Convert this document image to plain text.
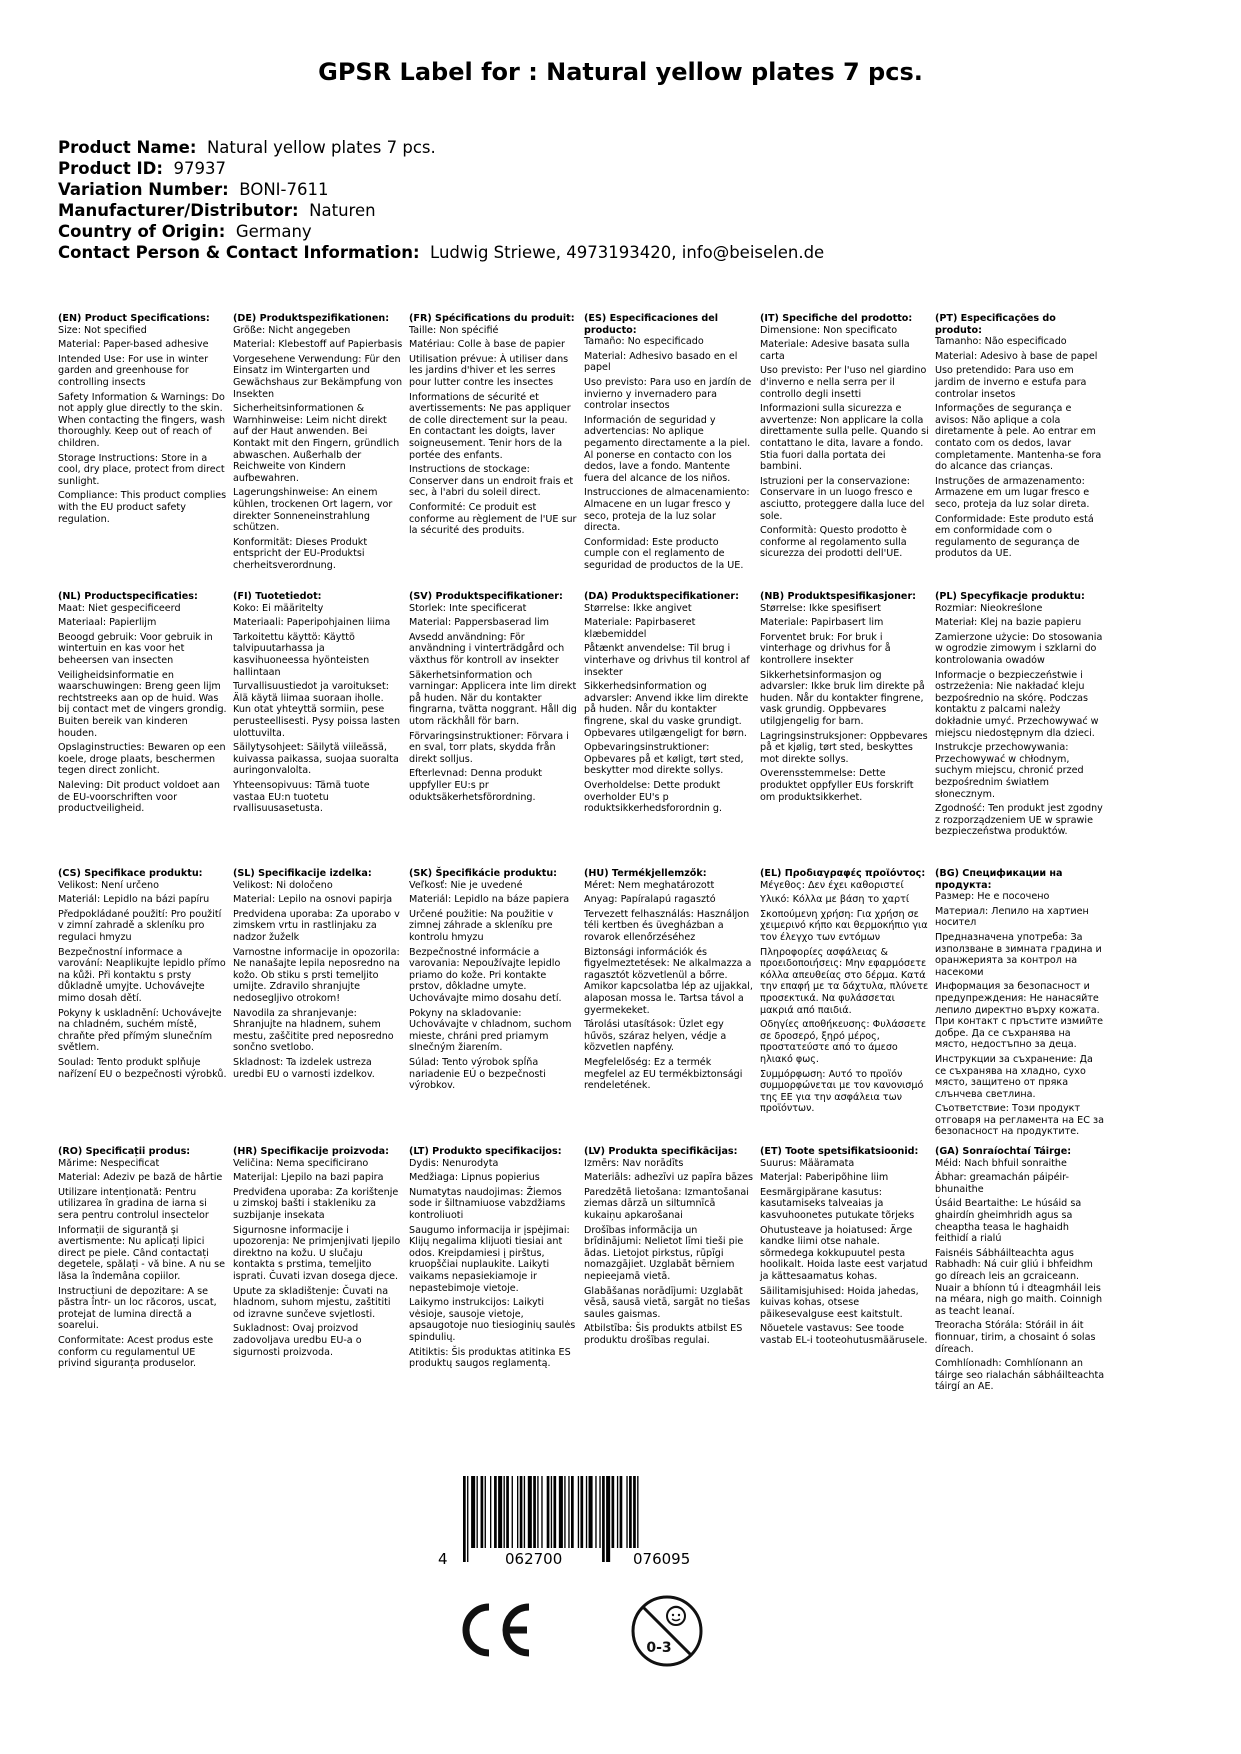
GPSR Label for : Natural yellow plates 7 pcs.
Product Name: Natural yellow plates 7 pcs.
Product ID: 97937
Variation Number: BONI-7611
Manufacturer/Distributor: Naturen
Country of Origin: Germany
Contact Person & Contact Information: Ludwig Striewe, 4973193420, info@beiselen.de
(EN) Product Specifications:
Size: Not specified
Material: Paper-based adhesive
Intended Use: For use in winter garden and greenhouse for controlling insects
Safety Information & Warnings: Do not apply glue directly to the skin. When contacting the fingers, wash thoroughly. Keep out of reach of children.
Storage Instructions: Store in a cool, dry place, protect from direct sunlight.
Compliance: This product complies with the EU product safety regulation.
(DE) Produktspezifikationen:
Größe: Nicht angegeben
Material: Klebestoff auf Papierbasis
Vorgesehene Verwendung: Für den Einsatz im Wintergarten und Gewächshaus zur Bekämpfung von Insekten
Sicherheitsinformationen & Warnhinweise: Leim nicht direkt auf der Haut anwenden. Bei Kontakt mit den Fingern, gründlich abwaschen. Außerhalb der Reichweite von Kindern aufbewahren.
Lagerungshinweise: An einem kühlen, trockenen Ort lagern, vor direkter Sonneneinstrahlung schützen.
Konformität: Dieses Produkt entspricht der EU-Produktsi cherheitsverordnung.
(FR) Spécifications du produit:
Taille: Non spécifié
Matériau: Colle à base de papier
Utilisation prévue: À utiliser dans les jardins d'hiver et les serres pour lutter contre les insectes
Informations de sécurité et avertissements: Ne pas appliquer de colle directement sur la peau. En contactant les doigts, laver soigneusement. Tenir hors de la portée des enfants.
Instructions de stockage: Conserver dans un endroit frais et sec, à l'abri du soleil direct.
Conformité: Ce produit est conforme au règlement de l'UE sur la sécurité des produits.
(ES) Especificaciones del producto:
Tamaño: No especificado
Material: Adhesivo basado en el papel
Uso previsto: Para uso en jardín de invierno y invernadero para controlar insectos
Información de seguridad y advertencias: No aplique pegamento directamente a la piel. Al ponerse en contacto con los dedos, lave a fondo. Mantente fuera del alcance de los niños.
Instrucciones de almacenamiento: Almacene en un lugar fresco y seco, proteja de la luz solar directa.
Conformidad: Este producto cumple con el reglamento de seguridad de productos de la UE.
(IT) Specifiche del prodotto:
Dimensione: Non specificato
Materiale: Adesive basata sulla carta
Uso previsto: Per l'uso nel giardino d'inverno e nella serra per il controllo degli insetti
Informazioni sulla sicurezza e avvertenze: Non applicare la colla direttamente sulla pelle. Quando si contattano le dita, lavare a fondo. Stia fuori dalla portata dei bambini.
Istruzioni per la conservazione: Conservare in un luogo fresco e asciutto, proteggere dalla luce del sole.
Conformità: Questo prodotto è conforme al regolamento sulla sicurezza dei prodotti dell'UE.
(PT) Especificações do produto:
Tamanho: Não especificado
Material: Adesivo à base de papel
Uso pretendido: Para uso em jardim de inverno e estufa para controlar insetos
Informações de segurança e avisos: Não aplique a cola diretamente à pele. Ao entrar em contato com os dedos, lavar completamente. Mantenha-se fora do alcance das crianças.
Instruções de armazenamento: Armazene em um lugar fresco e seco, proteja da luz solar direta.
Conformidade: Este produto está em conformidade com o regulamento de segurança de produtos da UE.
(NL) Productspecificaties:
Maat: Niet gespecificeerd
Materiaal: Papierlijm
Beoogd gebruik: Voor gebruik in wintertuin en kas voor het beheersen van insecten
Veiligheidsinformatie en waarschuwingen: Breng geen lijm rechtstreeks aan op de huid. Was bij contact met de vingers grondig. Buiten bereik van kinderen houden.
Opslaginstructies: Bewaren op een koele, droge plaats, beschermen tegen direct zonlicht.
Naleving: Dit product voldoet aan de EU-voorschriften voor productveiligheid.
(FI) Tuotetiedot:
Koko: Ei määritelty
Materiaali: Paperipohjainen liima
Tarkoitettu käyttö: Käyttö talvipuutarhassa ja kasvihuoneessa hyönteisten hallintaan
Turvallisuustiedot ja varoitukset: Älä käytä liimaa suoraan iholle. Kun otat yhteyttä sormiin, pese perusteellisesti. Pysy poissa lasten ulottuvilta.
Säilytysohjeet: Säilytä viileässä, kuivassa paikassa, suojaa suoralta auringonvalolta.
Yhteensopivuus: Tämä tuote vastaa EU:n tuotetu rvallisuusasetusta.
(SV) Produktspecifikationer:
Storlek: Inte specificerat
Material: Pappersbaserad lim
Avsedd användning: För användning i vinterträdgård och växthus för kontroll av insekter
Säkerhetsinformation och varningar: Applicera inte lim direkt på huden. När du kontakter fingrarna, tvätta noggrant. Håll dig utom räckhåll för barn.
Förvaringsinstruktioner: Förvara i en sval, torr plats, skydda från direkt solljus.
Efterlevnad: Denna produkt uppfyller EU:s pr oduktsäkerhetsförordning.
(DA) Produktspecifikationer:
Størrelse: Ikke angivet
Materiale: Papirbaseret klæbemiddel
Påtænkt anvendelse: Til brug i vinterhave og drivhus til kontrol af insekter
Sikkerhedsinformation og advarsler: Anvend ikke lim direkte på huden. Når du kontakter fingrene, skal du vaske grundigt. Opbevares utilgængeligt for børn.
Opbevaringsinstruktioner: Opbevares på et køligt, tørt sted, beskytter mod direkte sollys.
Overholdelse: Dette produkt overholder EU's p roduktsikkerhedsforordnin g.
(NB) Produktspesifikasjoner:
Størrelse: Ikke spesifisert
Materiale: Papirbasert lim
Forventet bruk: For bruk i vinterhage og drivhus for å kontrollere insekter
Sikkerhetsinformasjon og advarsler: Ikke bruk lim direkte på huden. Når du kontakter fingrene, vask grundig. Oppbevares utilgjengelig for barn.
Lagringsinstruksjoner: Oppbevares på et kjølig, tørt sted, beskyttes mot direkte sollys.
Overensstemmelse: Dette produktet oppfyller EUs forskrift om produktsikkerhet.
(PL) Specyfikacje produktu:
Rozmiar: Nieokreślone
Materiał: Klej na bazie papieru
Zamierzone użycie: Do stosowania w ogrodzie zimowym i szklarni do kontrolowania owadów
Informacje o bezpieczeństwie i ostrzeżenia: Nie nakładać kleju bezpośrednio na skórę. Podczas kontaktu z palcami należy dokładnie umyć. Przechowywać w miejscu niedostępnym dla dzieci.
Instrukcje przechowywania: Przechowywać w chłodnym, suchym miejscu, chronić przed bezpośrednim światłem słonecznym.
Zgodność: Ten produkt jest zgodny z rozporządzeniem UE w sprawie bezpieczeństwa produktów.
(CS) Specifikace produktu:
Velikost: Není určeno
Materiál: Lepidlo na bázi papíru
Předpokládané použití: Pro použití v zimní zahradě a skleníku pro regulaci hmyzu
Bezpečnostní informace a varování: Neaplikujte lepidlo přímo na kůži. Při kontaktu s prsty důkladně umyjte. Uchovávejte mimo dosah dětí.
Pokyny k uskladnění: Uchovávejte na chladném, suchém místě, chraňte před přímým slunečním světlem.
Soulad: Tento produkt splňuje nařízení EU o bezpečnosti výrobků.
(SL) Specifikacije izdelka:
Velikost: Ni določeno
Material: Lepilo na osnovi papirja
Predvidena uporaba: Za uporabo v zimskem vrtu in rastlinjaku za nadzor žuželk
Varnostne informacije in opozorila: Ne nanašajte lepila neposredno na kožo. Ob stiku s prsti temeljito umijte. Zdravilo shranjujte nedosegljivo otrokom!
Navodila za shranjevanje: Shranjujte na hladnem, suhem mestu, zaščitite pred neposredno sončno svetlobo.
Skladnost: Ta izdelek ustreza uredbi EU o varnosti izdelkov.
(SK) Špecifikácie produktu:
Veľkosť: Nie je uvedené
Materiál: Lepidlo na báze papiera
Určené použitie: Na použitie v zimnej záhrade a skleníku pre kontrolu hmyzu
Bezpečnostné informácie a varovania: Nepoužívajte lepidlo priamo do kože. Pri kontakte prstov, dôkladne umyte. Uchovávajte mimo dosahu detí.
Pokyny na skladovanie: Uchovávajte v chladnom, suchom mieste, chráni pred priamym slnečným žiarením.
Súlad: Tento výrobok spĺňa nariadenie EÚ o bezpečnosti výrobkov.
(HU) Termékjellemzők:
Méret: Nem meghatározott
Anyag: Papíralapú ragasztó
Tervezett felhasználás: Használjon téli kertben és üvegházban a rovarok ellenőrzéséhez
Biztonsági információk és figyelmeztetések: Ne alkalmazza a ragasztót közvetlenül a bőrre. Amikor kapcsolatba lép az ujjakkal, alaposan mossa le. Tartsa távol a gyermekeket.
Tárolási utasítások: Üzlet egy hűvös, száraz helyen, védje a közvetlen napfény.
Megfelelőség: Ez a termék megfelel az EU termékbiztonsági rendeletének.
(EL) Προδιαγραφές προϊόντος:
Μέγεθος: Δεν έχει καθοριστεί
Υλικό: Κόλλα με βάση το χαρτί
Σκοπούμενη χρήση: Για χρήση σε χειμερινό κήπο και θερμοκήπιο για τον έλεγχο των εντόμων
Πληροφορίες ασφάλειας & προειδοποιήσεις: Μην εφαρμόσετε κόλλα απευθείας στο δέρμα. Κατά την επαφή με τα δάχτυλα, πλύνετε προσεκτικά. Να φυλάσσεται μακριά από παιδιά.
Οδηγίες αποθήκευσης: Φυλάσσετε σε δροσερό, ξηρό μέρος, προστατεύστε από το άμεσο ηλιακό φως.
Συμμόρφωση: Αυτό το προϊόν συμμορφώνεται με τον κανονισμό της ΕΕ για την ασφάλεια των προϊόντων.
(BG) Спецификации на продукта:
Размер: Не е посочено
Материал: Лепило на хартиен носител
Предназначена употреба: За използване в зимната градина и оранжерията за контрол на насекоми
Информация за безопасност и предупреждения: Не нанасяйте лепило директно върху кожата. При контакт с пръстите измийте добре. Да се съхранява на място, недостъпно за деца.
Инструкции за съхранение: Да се съхранява на хладно, сухо място, защитено от пряка слънчева светлина.
Съответствие: Този продукт отговаря на регламента на ЕС за безопасност на продуктите.
(RO) Specificații produs:
Mărime: Nespecificat
Material: Adeziv pe bază de hârtie
Utilizare intenționată: Pentru utilizarea în gradina de iarna si sera pentru controlul insectelor
Informații de siguranță și avertismente: Nu aplicați lipici direct pe piele. Când contactați degetele, spălați - vă bine. A nu se lăsa la îndemâna copiilor.
Instrucțiuni de depozitare: A se păstra într- un loc răcoros, uscat, protejat de lumina directă a soarelui.
Conformitate: Acest produs este conform cu regulamentul UE privind siguranța produselor.
(HR) Specifikacije proizvoda:
Veličina: Nema specificirano
Materijal: Ljepilo na bazi papira
Predviđena uporaba: Za korištenje u zimskoj bašti i stakleniku za suzbijanje insekata
Sigurnosne informacije i upozorenja: Ne primjenjivati ljepilo direktno na kožu. U slučaju kontakta s prstima, temeljito isprati. Čuvati izvan dosega djece.
Upute za skladištenje: Čuvati na hladnom, suhom mjestu, zaštititi od izravne sunčeve svjetlosti.
Sukladnost: Ovaj proizvod zadovoljava uredbu EU-a o sigurnosti proizvoda.
(LT) Produkto specifikacijos:
Dydis: Nenurodyta
Medžiaga: Lipnus popierius
Numatytas naudojimas: Žiemos sode ir šiltnamiuose vabzdžiams kontroliuoti
Saugumo informacija ir įspėjimai: Klijų negalima klijuoti tiesiai ant odos. Kreipdamiesi į pirštus, kruopščiai nuplaukite. Laikyti vaikams nepasiekiamoje ir nepastebimoje vietoje.
Laikymo instrukcijos: Laikyti vėsioje, sausoje vietoje, apsaugotoje nuo tiesioginių saulės spindulių.
Atitiktis: Šis produktas atitinka ES produktų saugos reglamentą.
(LV) Produkta specifikācijas:
Izmērs: Nav norādīts
Materiāls: adhezīvi uz papīra bāzes
Paredzētā lietošana: Izmantošanai ziemas dārzā un siltumnīcā kukaiņu apkarošanai
Drošības informācija un brīdinājumi: Nelietot līmi tieši pie ādas. Lietojot pirkstus, rūpīgi nomazgājiet. Uzglabāt bērniem nepieejamā vietā.
Glabāšanas norādījumi: Uzglabāt vēsā, sausā vietā, sargāt no tiešas saules gaismas.
Atbilstība: Šis produkts atbilst ES produktu drošības regulai.
(ET) Toote spetsifikatsioonid:
Suurus: Määramata
Materjal: Paberipõhine liim
Eesmärgipärane kasutus: kasutamiseks talveaias ja kasvuhoonetes putukate tõrjeks
Ohutusteave ja hoiatused: Ärge kandke liimi otse nahale. sõrmedega kokkupuutel pesta hoolikalt. Hoida laste eest varjatud ja kättesaamatus kohas.
Säilitamisjuhised: Hoida jahedas, kuivas kohas, otsese päikesevalguse eest kaitstult.
Nõuetele vastavus: See toode vastab EL-i tooteohutusmäärusele.
(GA) Sonraíochtaí Táirge:
Méid: Nach bhfuil sonraithe
Ábhar: greamachán páipéir-bhunaithe
Úsáid Beartaithe: Le húsáid sa ghairdín gheimhridh agus sa cheaptha teasa le haghaidh feithidí a rialú
Faisnéis Sábháilteachta agus Rabhadh: Ná cuir gliú i bhfeidhm go díreach leis an gcraiceann. Nuair a bhíonn tú i dteagmháil leis na méara, nigh go maith. Coinnigh as teacht leanaí.
Treoracha Stórála: Stóráil in áit fionnuar, tirim, a chosaint ó solas díreach.
Comhlíonadh: Comhlíonann an táirge seo rialachán sábháilteachta táirgí an AE.
4	062700	076095
0-3
